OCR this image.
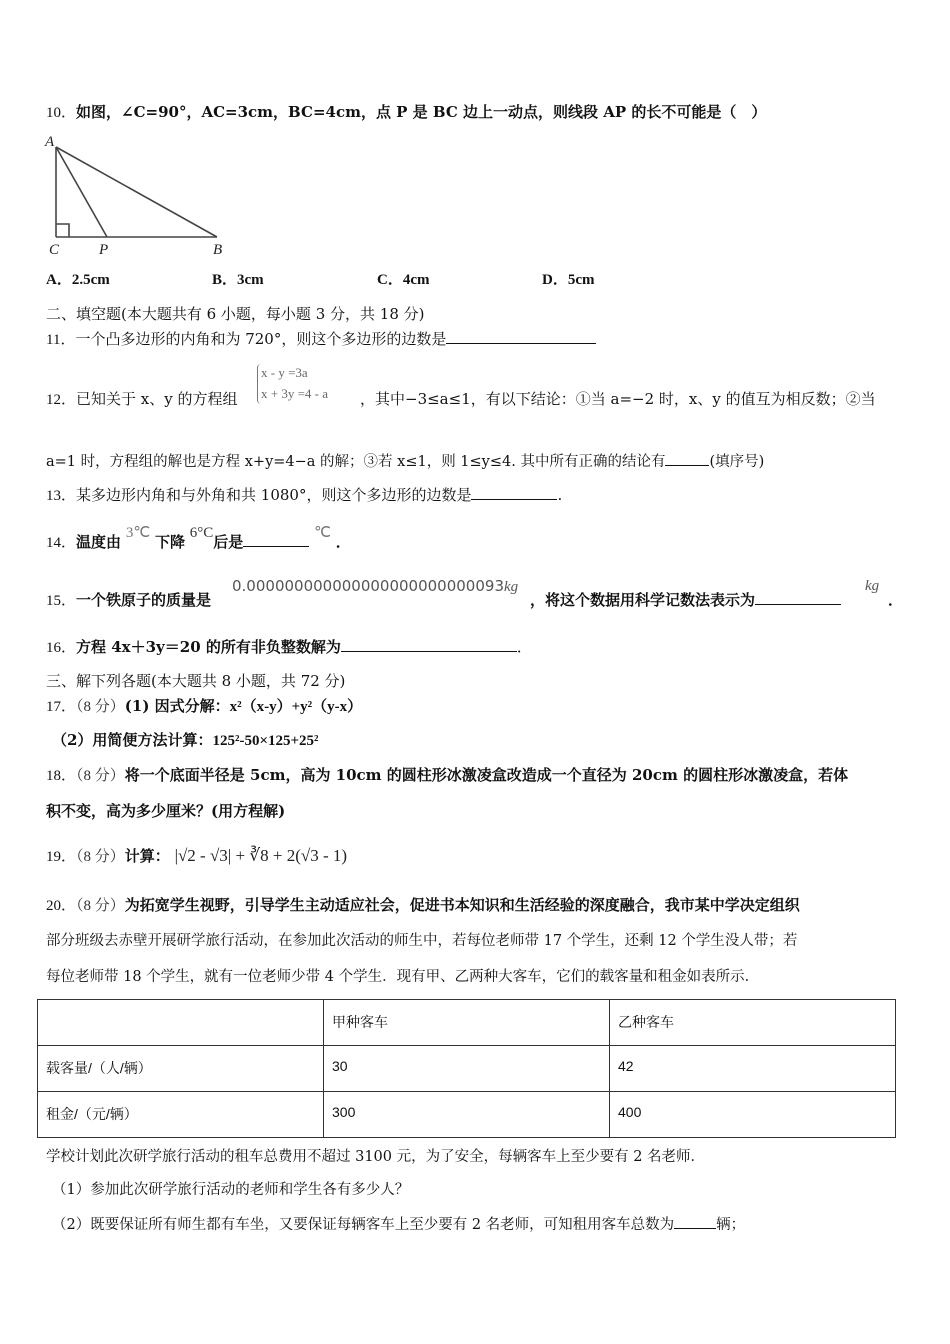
10．如图，∠C=90°，AC=3cm，BC=4cm，点 P 是 BC 边上一动点，则线段 AP 的长不可能是（　）
A
C	P	B
A．2.5cm	B．3cm	C．4cm	D．5cm
二、填空题(本大题共有 6 小题，每小题 3 分，共 18 分)
11．一个凸多边形的内角和为 720°，则这个多边形的边数是
x - y =3a
x + 3y =4 - a
12．已知关于 x、y 的方程组	，其中−3≤a≤1，有以下结论：①当 a=−2 时，x、y 的值互为相反数；②当
a=1 时，方程组的解也是方程 x+y=4−a 的解；③若 x≤1，则 1≤y≤4. 其中所有正确的结论有	(填序号)
13．某多边形内角和与外角和共 1080°，则这个多边形的边数是	.
14．温度由 3℃ 下降 6°C后是	℃ ．
15．一个铁原子的质量是
0.000000000000000000000000093kg
，将这个数据用科学记数法表示为
kg
．
16．方程 4x＋3y＝20 的所有非负整数解为	．
三、解下列各题(本大题共 8 小题，共 72 分)
17．（8 分）(1) 因式分解：x²（x-y）+y²（y-x）
（2）用简便方法计算：125²-50×125+25²
18．（8 分）将一个底面半径是 5cm，高为 10cm 的圆柱形冰激凌盒改造成一个直径为 20cm 的圆柱形冰激凌盒，若体
积不变，高为多少厘米？(用方程解)
19．（8 分）计算： |√2 - √3| + ∛8 + 2(√3 - 1)
20．（8 分）为拓宽学生视野，引导学生主动适应社会，促进书本知识和生活经验的深度融合，我市某中学决定组织
部分班级去赤壁开展研学旅行活动，在参加此次活动的师生中，若每位老师带 17 个学生，还剩 12 个学生没人带；若
每位老师带 18 个学生，就有一位老师少带 4 个学生．现有甲、乙两种大客车，它们的载客量和租金如表所示．
	甲种客车	乙种客车
载客量/（人/辆）	30	42
租金/（元/辆）	300	400
学校计划此次研学旅行活动的租车总费用不超过 3100 元，为了安全，每辆客车上至少要有 2 名老师．
（1）参加此次研学旅行活动的老师和学生各有多少人？
（2）既要保证所有师生都有车坐，又要保证每辆客车上至少要有 2 名老师，可知租用客车总数为	辆；
